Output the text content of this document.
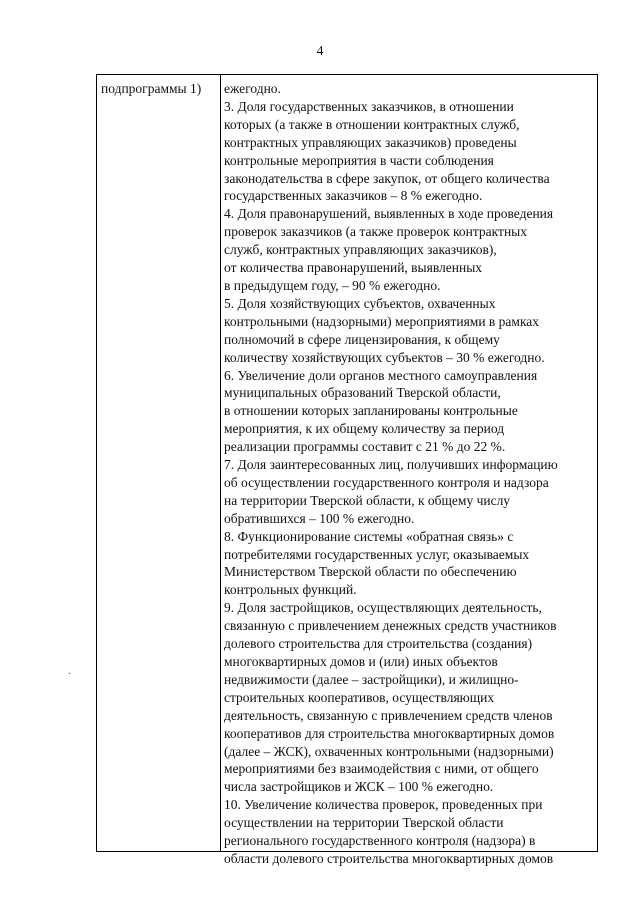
4
.
подпрограммы 1)	ежегодно.
3. Доля государственных заказчиков, в отношении
которых (а также в отношении контрактных служб,
контрактных управляющих заказчиков) проведены
контрольные мероприятия в части соблюдения
законодательства в сфере закупок, от общего количества
государственных заказчиков – 8 % ежегодно.
4. Доля правонарушений, выявленных в ходе проведения
проверок заказчиков (а также проверок контрактных
служб, контрактных управляющих заказчиков),
от количества правонарушений, выявленных
в предыдущем году, – 90 % ежегодно.
5. Доля хозяйствующих субъектов, охваченных
контрольными (надзорными) мероприятиями в рамках
полномочий в сфере лицензирования, к общему
количеству хозяйствующих субъектов – 30 % ежегодно.
6. Увеличение доли органов местного самоуправления
муниципальных образований Тверской области,
в отношении которых запланированы контрольные
мероприятия, к их общему количеству за период
реализации программы составит с 21 % до 22 %.
7. Доля заинтересованных лиц, получивших информацию
об осуществлении государственного контроля и надзора
на территории Тверской области, к общему числу
обратившихся – 100 % ежегодно.
8. Функционирование системы «обратная связь» с
потребителями государственных услуг, оказываемых
Министерством Тверской области по обеспечению
контрольных функций.
9. Доля застройщиков, осуществляющих деятельность,
связанную с привлечением денежных средств участников
долевого строительства для строительства (создания)
многоквартирных домов и (или) иных объектов
недвижимости (далее – застройщики), и жилищно-
строительных кооперативов, осуществляющих
деятельность, связанную с привлечением средств членов
кооперативов для строительства многоквартирных домов
(далее – ЖСК), охваченных контрольными (надзорными)
мероприятиями без взаимодействия с ними, от общего
числа застройщиков и ЖСК – 100 % ежегодно.
10. Увеличение количества проверок, проведенных при
осуществлении на территории Тверской области
регионального государственного контроля (надзора) в
области долевого строительства многоквартирных домов
